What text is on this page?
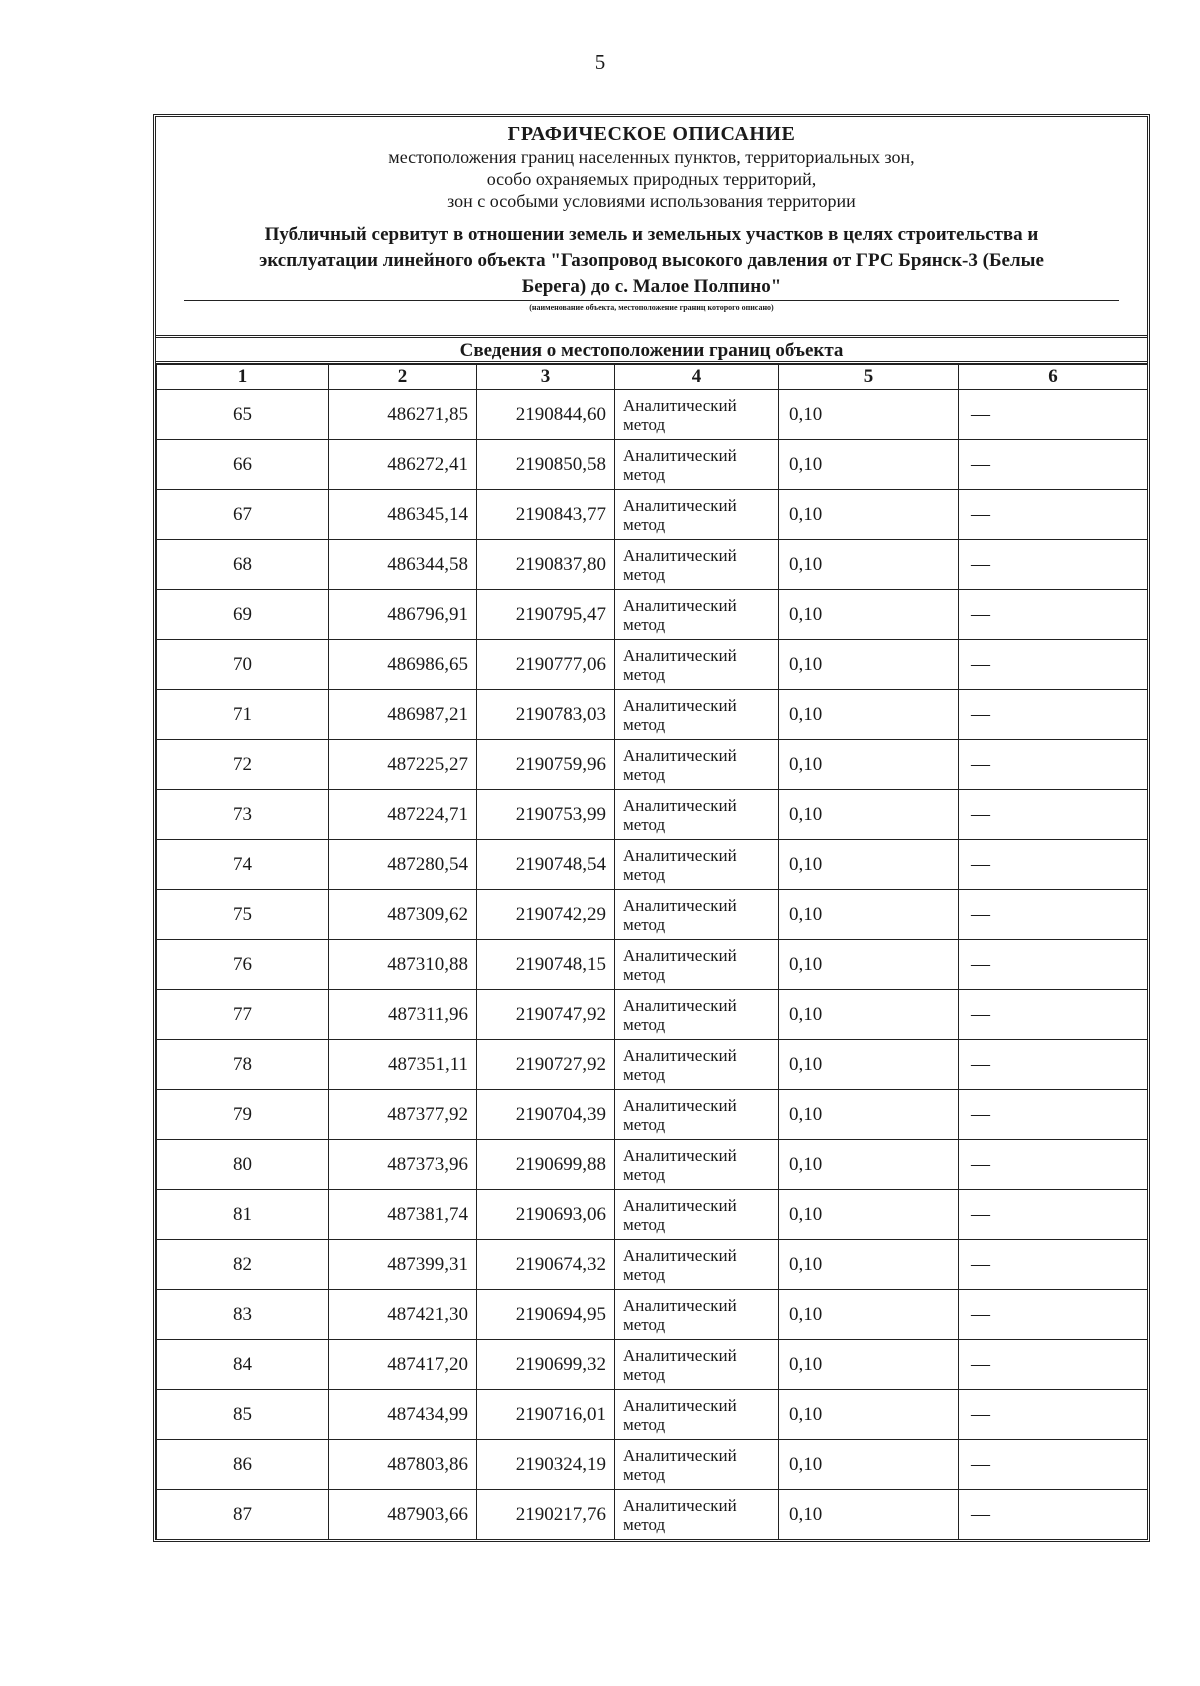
5
ГРАФИЧЕСКОЕ ОПИСАНИЕ
местоположения границ населенных пунктов, территориальных зон,
особо охраняемых природных территорий,
зон с особыми условиями использования территории
Публичный сервитут в отношении земель и земельных участков в целях строительства и
эксплуатации линейного объекта "Газопровод высокого давления от ГРС Брянск-3 (Белые
Берега) до с. Малое Полпино"
(наименование объекта, местоположение границ которого описано)
Сведения о местоположении границ объекта
1	2	3	4	5	6
65	486271,85	2190844,60	Аналитический метод	0,10	—
66	486272,41	2190850,58	Аналитический метод	0,10	—
67	486345,14	2190843,77	Аналитический метод	0,10	—
68	486344,58	2190837,80	Аналитический метод	0,10	—
69	486796,91	2190795,47	Аналитический метод	0,10	—
70	486986,65	2190777,06	Аналитический метод	0,10	—
71	486987,21	2190783,03	Аналитический метод	0,10	—
72	487225,27	2190759,96	Аналитический метод	0,10	—
73	487224,71	2190753,99	Аналитический метод	0,10	—
74	487280,54	2190748,54	Аналитический метод	0,10	—
75	487309,62	2190742,29	Аналитический метод	0,10	—
76	487310,88	2190748,15	Аналитический метод	0,10	—
77	487311,96	2190747,92	Аналитический метод	0,10	—
78	487351,11	2190727,92	Аналитический метод	0,10	—
79	487377,92	2190704,39	Аналитический метод	0,10	—
80	487373,96	2190699,88	Аналитический метод	0,10	—
81	487381,74	2190693,06	Аналитический метод	0,10	—
82	487399,31	2190674,32	Аналитический метод	0,10	—
83	487421,30	2190694,95	Аналитический метод	0,10	—
84	487417,20	2190699,32	Аналитический метод	0,10	—
85	487434,99	2190716,01	Аналитический метод	0,10	—
86	487803,86	2190324,19	Аналитический метод	0,10	—
87	487903,66	2190217,76	Аналитический метод	0,10	—
